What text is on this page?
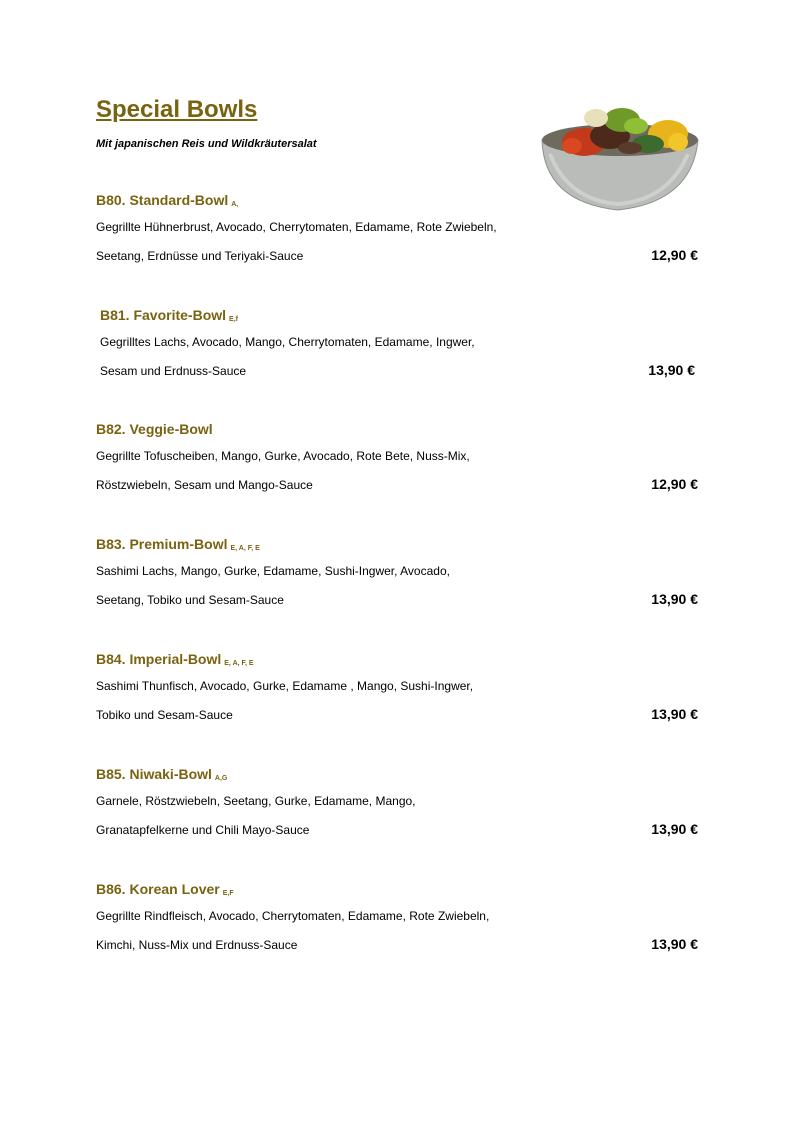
Special Bowls

Mit japanischen Reis und Wildkräutersalat

B80. Standard-Bowl A,
Gegrillte Hühnerbrust, Avocado, Cherrytomaten, Edamame, Rote Zwiebeln,
Seetang, Erdnüsse und Teriyaki-Sauce	12,90 €
B81. Favorite-Bowl E,f
Gegrilltes Lachs, Avocado, Mango, Cherrytomaten, Edamame, Ingwer,
Sesam und Erdnuss-Sauce	13,90 €
B82. Veggie-Bowl
Gegrillte Tofuscheiben, Mango, Gurke, Avocado, Rote Bete, Nuss-Mix,
Röstzwiebeln, Sesam und Mango-Sauce	12,90 €
B83. Premium-Bowl E, A, F, E
Sashimi Lachs, Mango, Gurke, Edamame, Sushi-Ingwer, Avocado,
Seetang, Tobiko und Sesam-Sauce	13,90 €
B84. Imperial-Bowl E, A, F, E
Sashimi Thunfisch, Avocado, Gurke, Edamame , Mango, Sushi-Ingwer,
Tobiko und Sesam-Sauce	13,90 €
B85. Niwaki-Bowl A,G
Garnele, Röstzwiebeln, Seetang, Gurke, Edamame, Mango,
Granatapfelkerne und Chili Mayo-Sauce	13,90 €
B86. Korean Lover E,F
Gegrillte Rindfleisch, Avocado, Cherrytomaten, Edamame, Rote Zwiebeln,
Kimchi, Nuss-Mix und Erdnuss-Sauce	13,90 €
